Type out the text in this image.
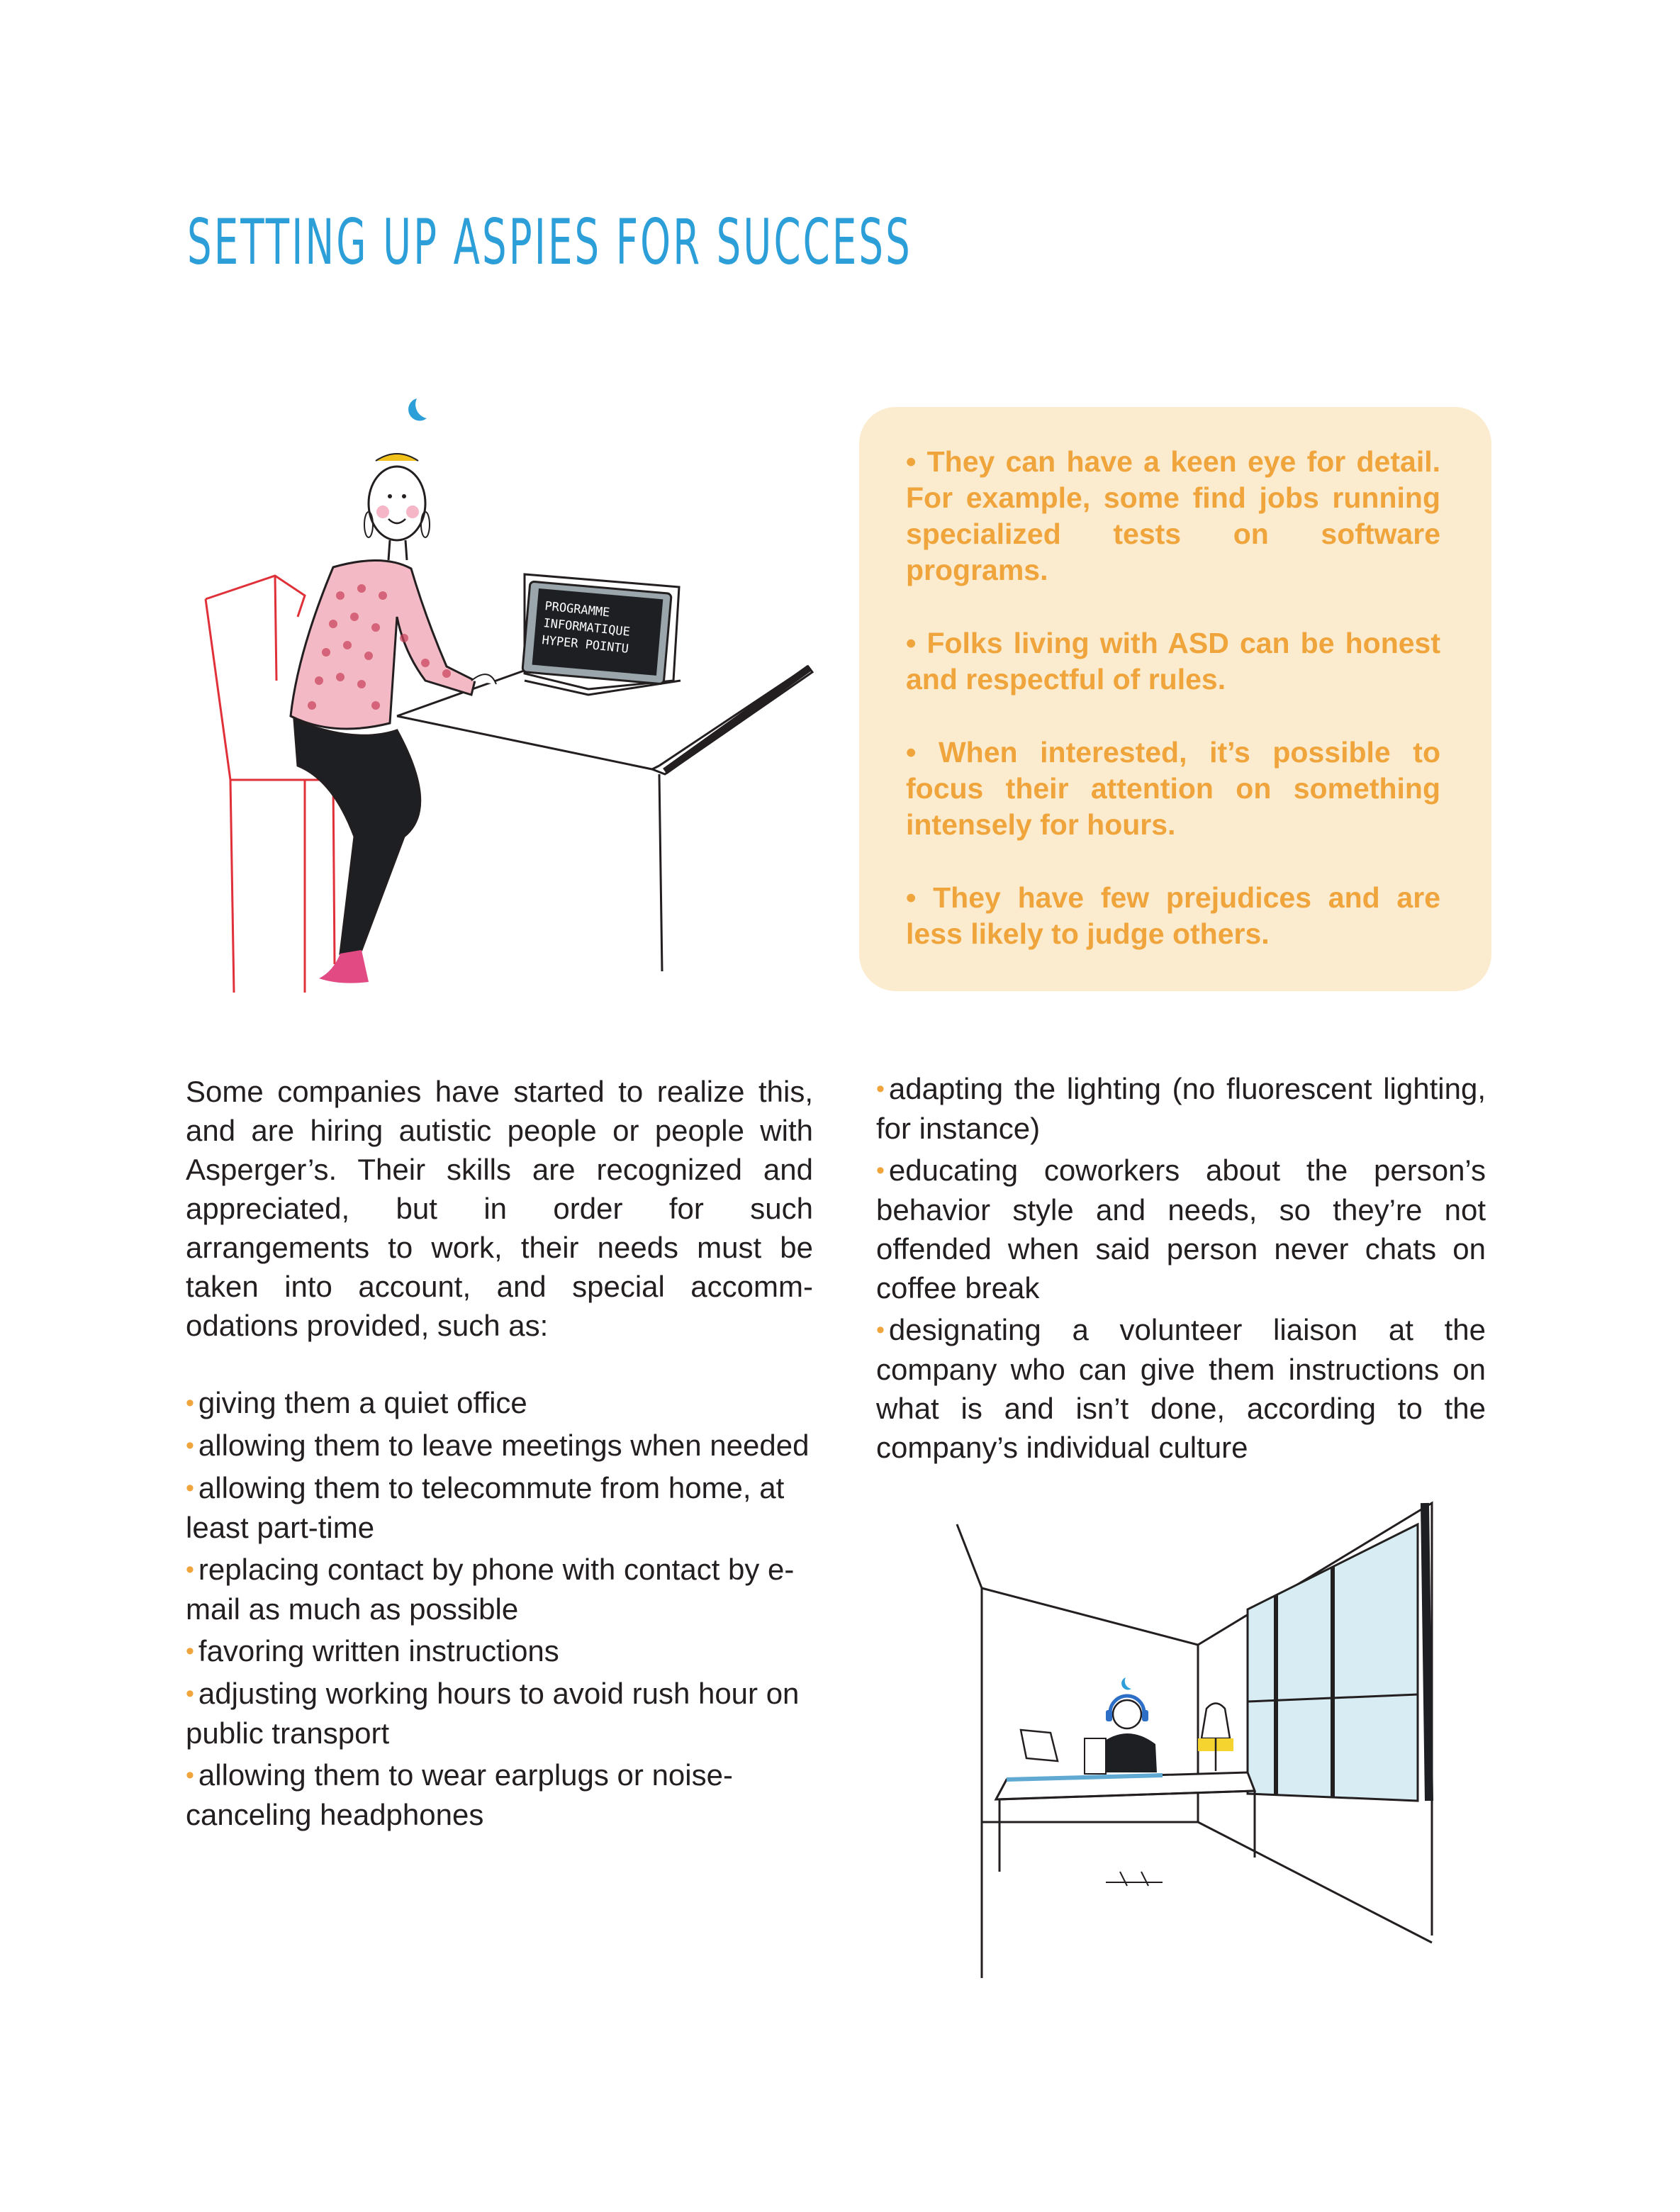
SETTING UP ASPIES FOR SUCCESS
PROGRAMME
INFORMATIQUE
HYPER POINTU

• They can have a keen eye for detail. For example, some find jobs running specialized tests on software programs.

• Folks living with ASD can be honest and respectful of rules.

• When interested, it’s possible to focus their attention on something intensely for hours.

• They have few prejudices and are less likely to judge others.

Some companies have started to realize this, and are hiring autistic people or people with Asperger’s. Their skills are recognized and appreciated, but in order for such arrangements to work, their needs must be taken into account, and special accomm-odations provided, such as:

• giving them a quiet office
• allowing them to leave meetings when needed
• allowing them to telecommute from home, at least part-time
• replacing contact by phone with contact by e-mail as much as possible
• favoring written instructions
• adjusting working hours to avoid rush hour on public transport
• allowing them to wear earplugs or noise-canceling headphones
• adapting the lighting (no fluorescent lighting, for instance)
• educating coworkers about the person’s behavior style and needs, so they’re not offended when said person never chats on coffee break
• designating a volunteer liaison at the company who can give them instructions on what is and isn’t done, according to the company’s individual culture
